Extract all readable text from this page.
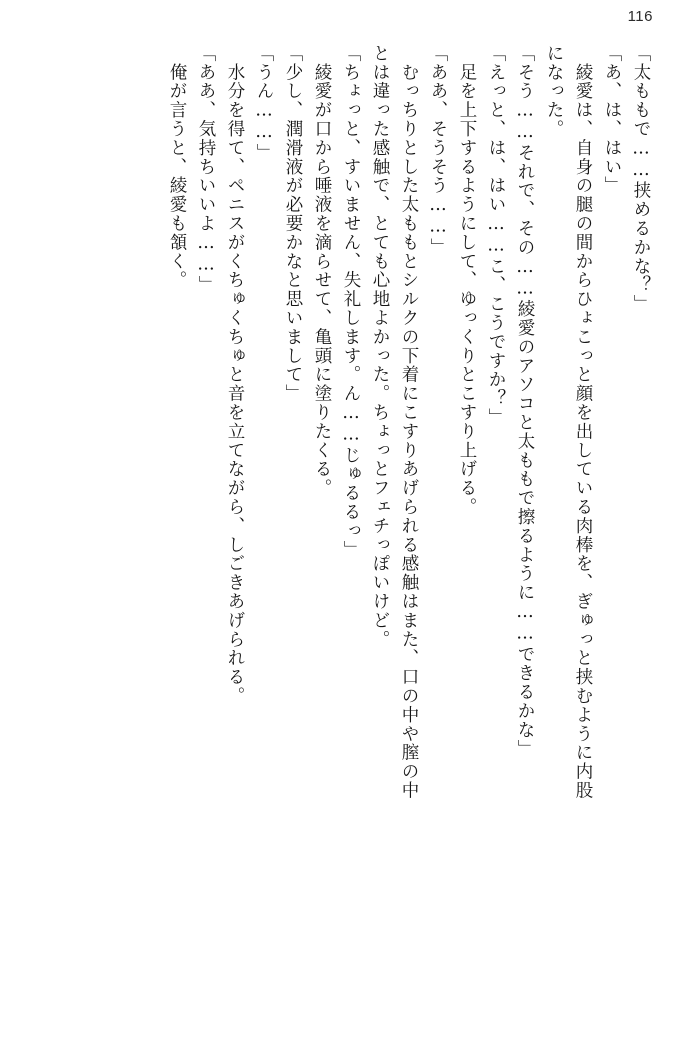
116
「太ももで……挟めるかな？」
「あ、は、はい」
　綾愛は、自身の腿の間からひょこっと顔を出している肉棒を、ぎゅっと挟むように内股
になった。
「そう……それで、その……綾愛のアソコと太ももで擦るように……できるかな」
「えっと、は、はい……こ、こうですか？」
　足を上下するようにして、ゆっくりとこすり上げる。
「ああ、そうそう……」
　むっちりとした太ももとシルクの下着にこすりあげられる感触はまた、口の中や膣の中
とは違った感触で、とても心地よかった。ちょっとフェチっぽいけど。
「ちょっと、すいません、失礼します。ん……じゅるるっ」
　綾愛が口から唾液を滴らせて、亀頭に塗りたくる。
「少し、潤滑液が必要かなと思いまして」
「うん……」
　水分を得て、ペニスがくちゅくちゅと音を立てながら、しごきあげられる。
「ああ、気持ちいいよ……」
　俺が言うと、綾愛も頷く。
